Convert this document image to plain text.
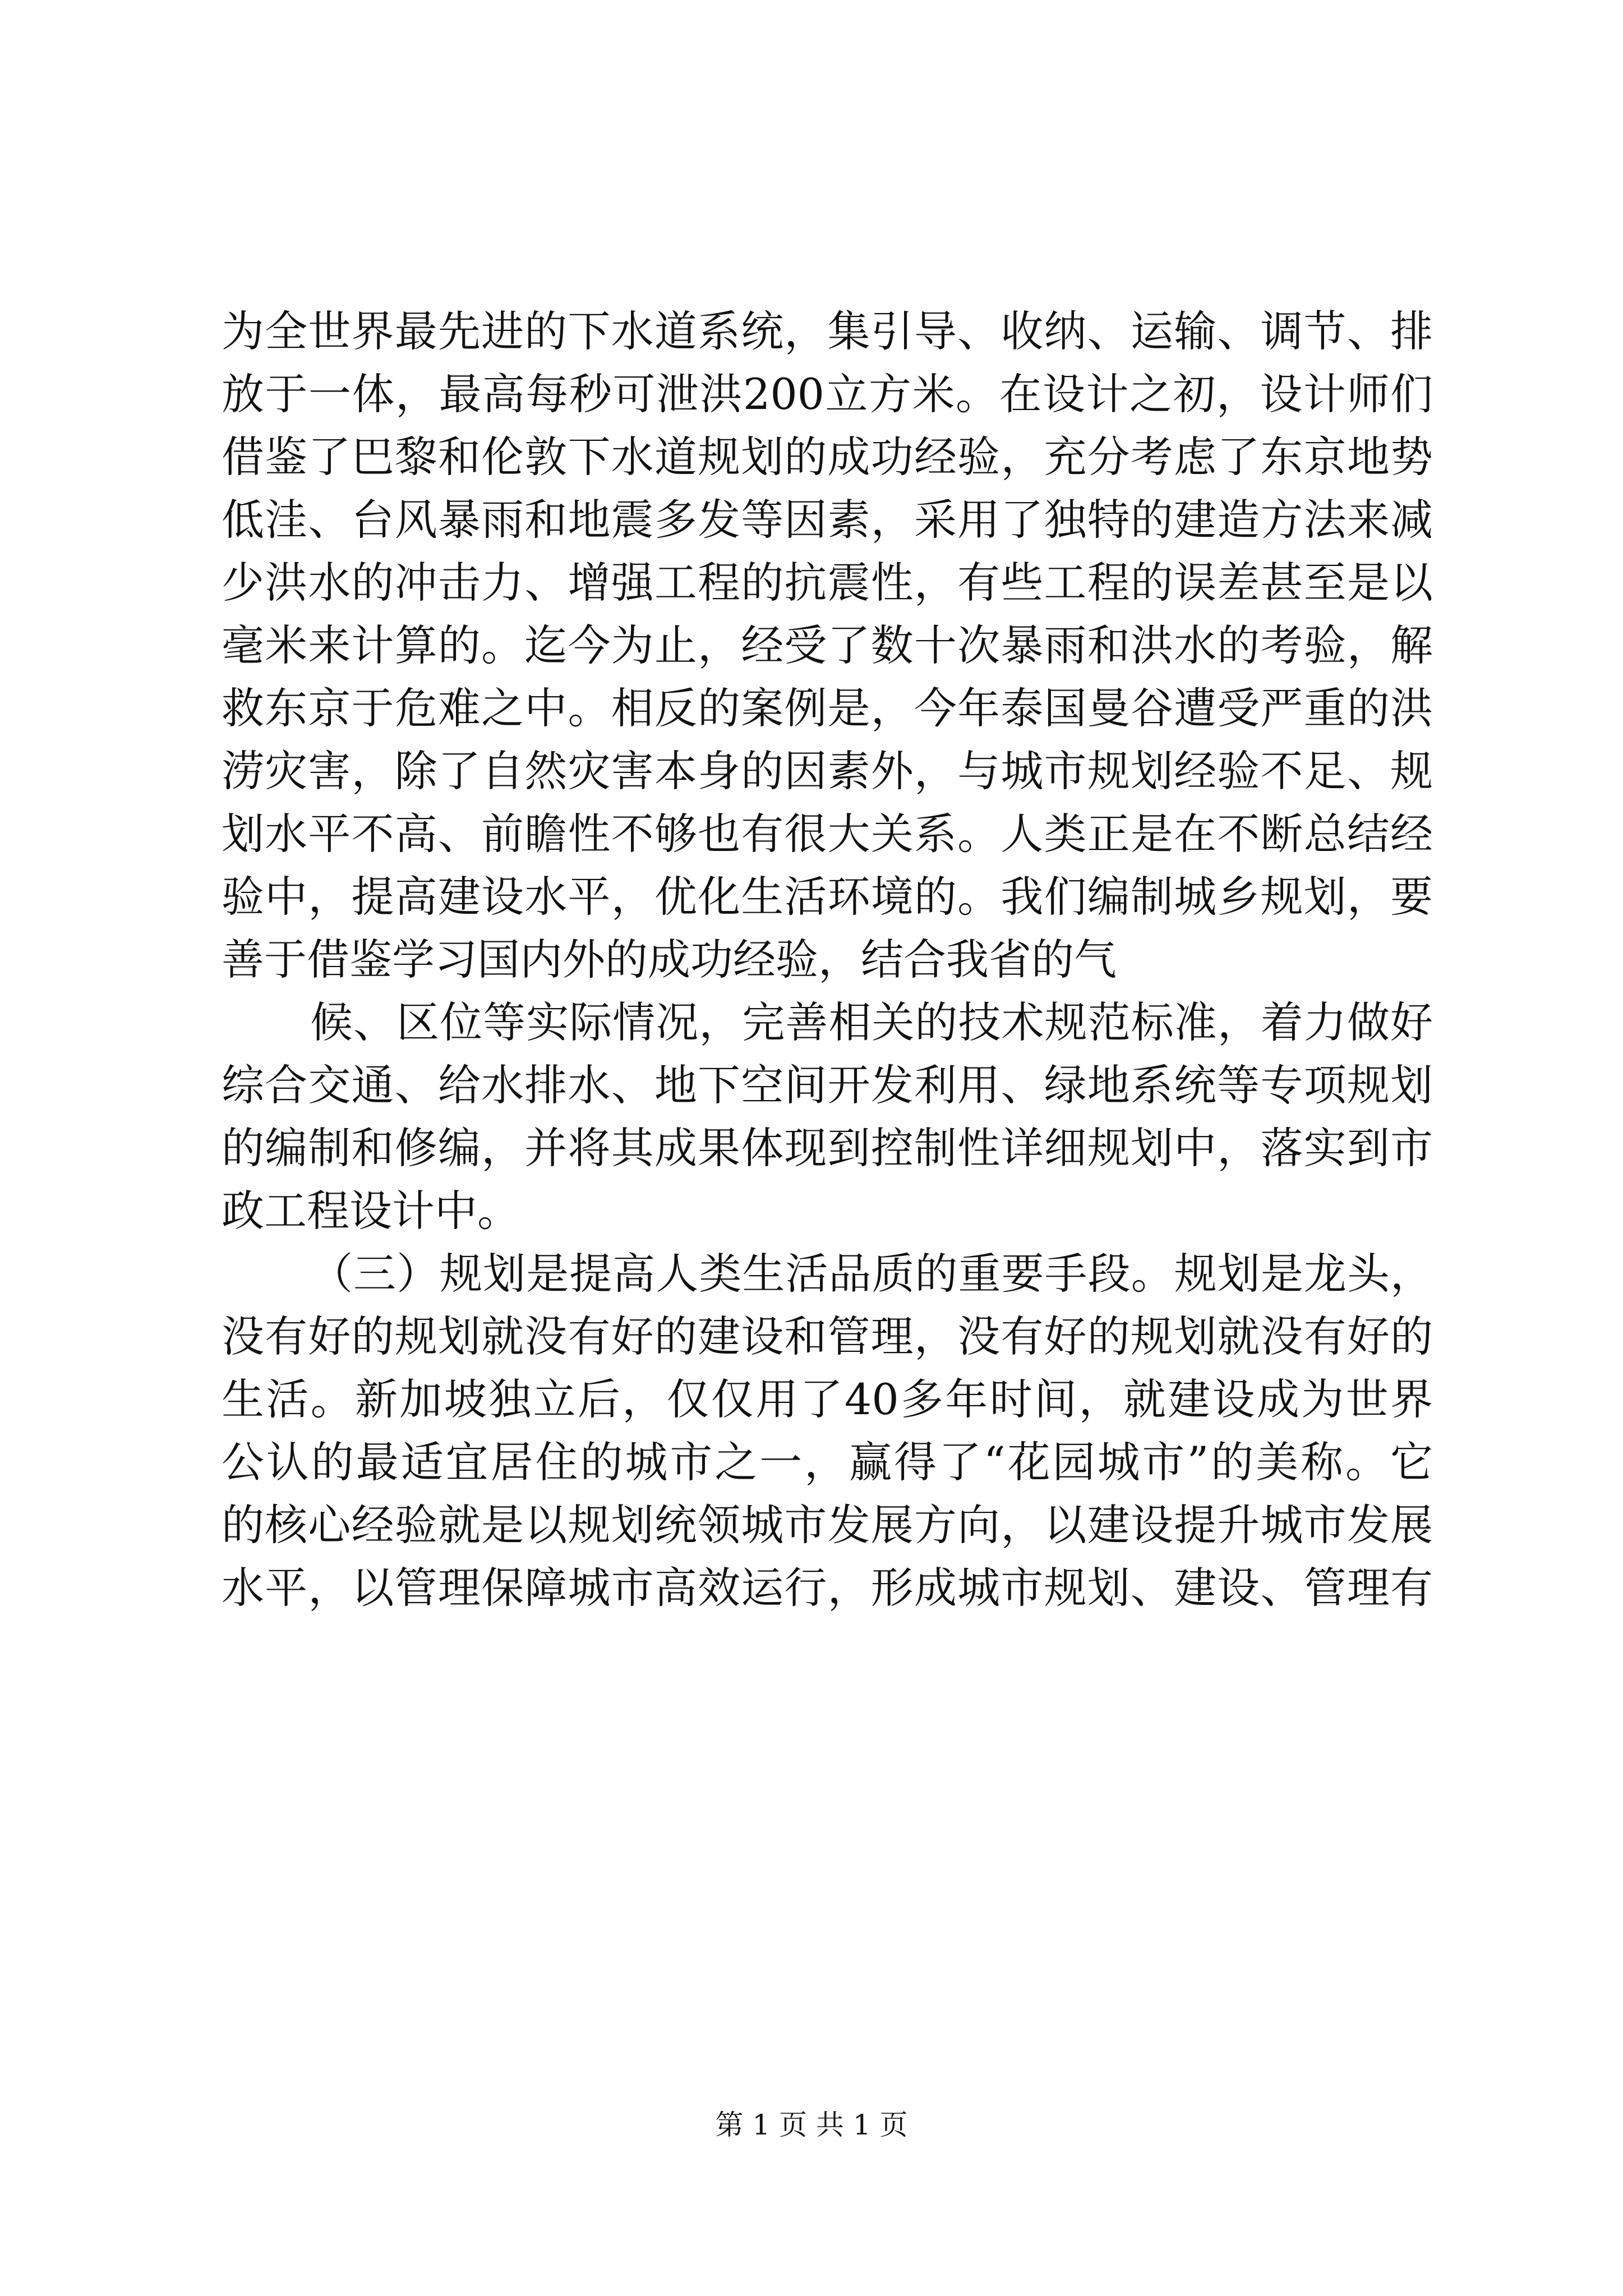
为全世界最先进的下水道系统，集引导、收纳、运输、调节、排
放于一体，最高每秒可泄洪200立方米。在设计之初，设计师们
借鉴了巴黎和伦敦下水道规划的成功经验，充分考虑了东京地势
低洼、台风暴雨和地震多发等因素，采用了独特的建造方法来减
少洪水的冲击力、增强工程的抗震性，有些工程的误差甚至是以
毫米来计算的。迄今为止，经受了数十次暴雨和洪水的考验，解
救东京于危难之中。相反的案例是，今年泰国曼谷遭受严重的洪
涝灾害，除了自然灾害本身的因素外，与城市规划经验不足、规
划水平不高、前瞻性不够也有很大关系。人类正是在不断总结经
验中，提高建设水平，优化生活环境的。我们编制城乡规划，要
善于借鉴学习国内外的成功经验，结合我省的气
候、区位等实际情况，完善相关的技术规范标准，着力做好
综合交通、给水排水、地下空间开发利用、绿地系统等专项规划
的编制和修编，并将其成果体现到控制性详细规划中，落实到市
政工程设计中。
（三）规划是提高人类生活品质的重要手段。规划是龙头，
没有好的规划就没有好的建设和管理，没有好的规划就没有好的
生活。新加坡独立后，仅仅用了40多年时间，就建设成为世界
公认的最适宜居住的城市之一，赢得了“花园城市”的美称。它
的核心经验就是以规划统领城市发展方向，以建设提升城市发展
水平，以管理保障城市高效运行，形成城市规划、建设、管理有
第 1 页 共 1 页
